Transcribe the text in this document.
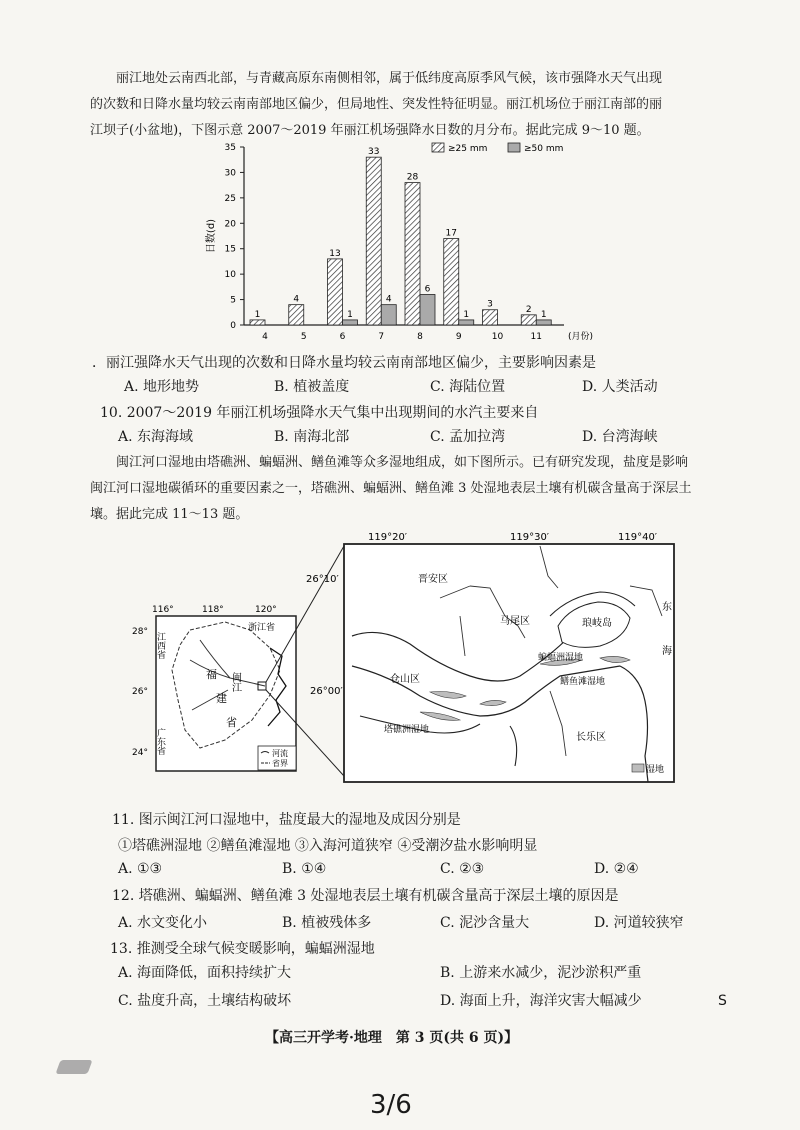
丽江地处云南西北部，与青藏高原东南侧相邻，属于低纬度高原季风气候，该市强降水天气出现
的次数和日降水量均较云南南部地区偏少，但局地性、突发性特征明显。丽江机场位于丽江南部的丽
江坝子(小盆地)，下图示意 2007～2019 年丽江机场强降水日数的月分布。据此完成 9～10 题。
0
5
10
15
20
25
30
35
日数(d)
1
4
4
5
13
6
33
7
28
8
17
9
3
10
2
11
1
4
6
1	1
(月份)
≥25 mm	≥50 mm
．丽江强降水天气出现的次数和日降水量均较云南南部地区偏少，主要影响因素是
A. 地形地势	B. 植被盖度	C. 海陆位置	D. 人类活动
10. 2007～2019 年丽江机场强降水天气集中出现期间的水汽主要来自
A. 东海海域	B. 南海北部	C. 孟加拉湾	D. 台湾海峡
闽江河口湿地由塔礁洲、蝙蝠洲、鳝鱼滩等众多湿地组成，如下图所示。已有研究发现，盐度是影响
闽江河口湿地碳循环的重要因素之一，塔礁洲、蝙蝠洲、鳝鱼滩 3 处湿地表层土壤有机碳含量高于深层土
壤。据此完成 11～13 题。
116°	118°	120°
28°
26°
24°
江西省
浙江省
福
建
省
广东省
闽江
河流
省界
119°20′	119°30′	119°40′
26°10′
26°00′
晋安区
马尾区	琅岐岛
仓山区
长乐区
东
海
蝙蝠洲湿地
鳝鱼滩湿地
塔礁洲湿地
湿地
11. 图示闽江河口湿地中，盐度最大的湿地及成因分别是
①塔礁洲湿地 ②鳝鱼滩湿地 ③入海河道狭窄 ④受潮汐盐水影响明显
A. ①③	B. ①④	C. ②③	D. ②④
12. 塔礁洲、蝙蝠洲、鳝鱼滩 3 处湿地表层土壤有机碳含量高于深层土壤的原因是
A. 水文变化小	B. 植被残体多	C. 泥沙含量大	D. 河道较狭窄
13. 推测受全球气候变暖影响，蝙蝠洲湿地
A. 海面降低，面积持续扩大	B. 上游来水减少，泥沙淤积严重
C. 盐度升高，土壤结构破坏	D. 海面上升，海洋灾害大幅减少	S
【高三开学考·地理　第 3 页(共 6 页)】
3/6
